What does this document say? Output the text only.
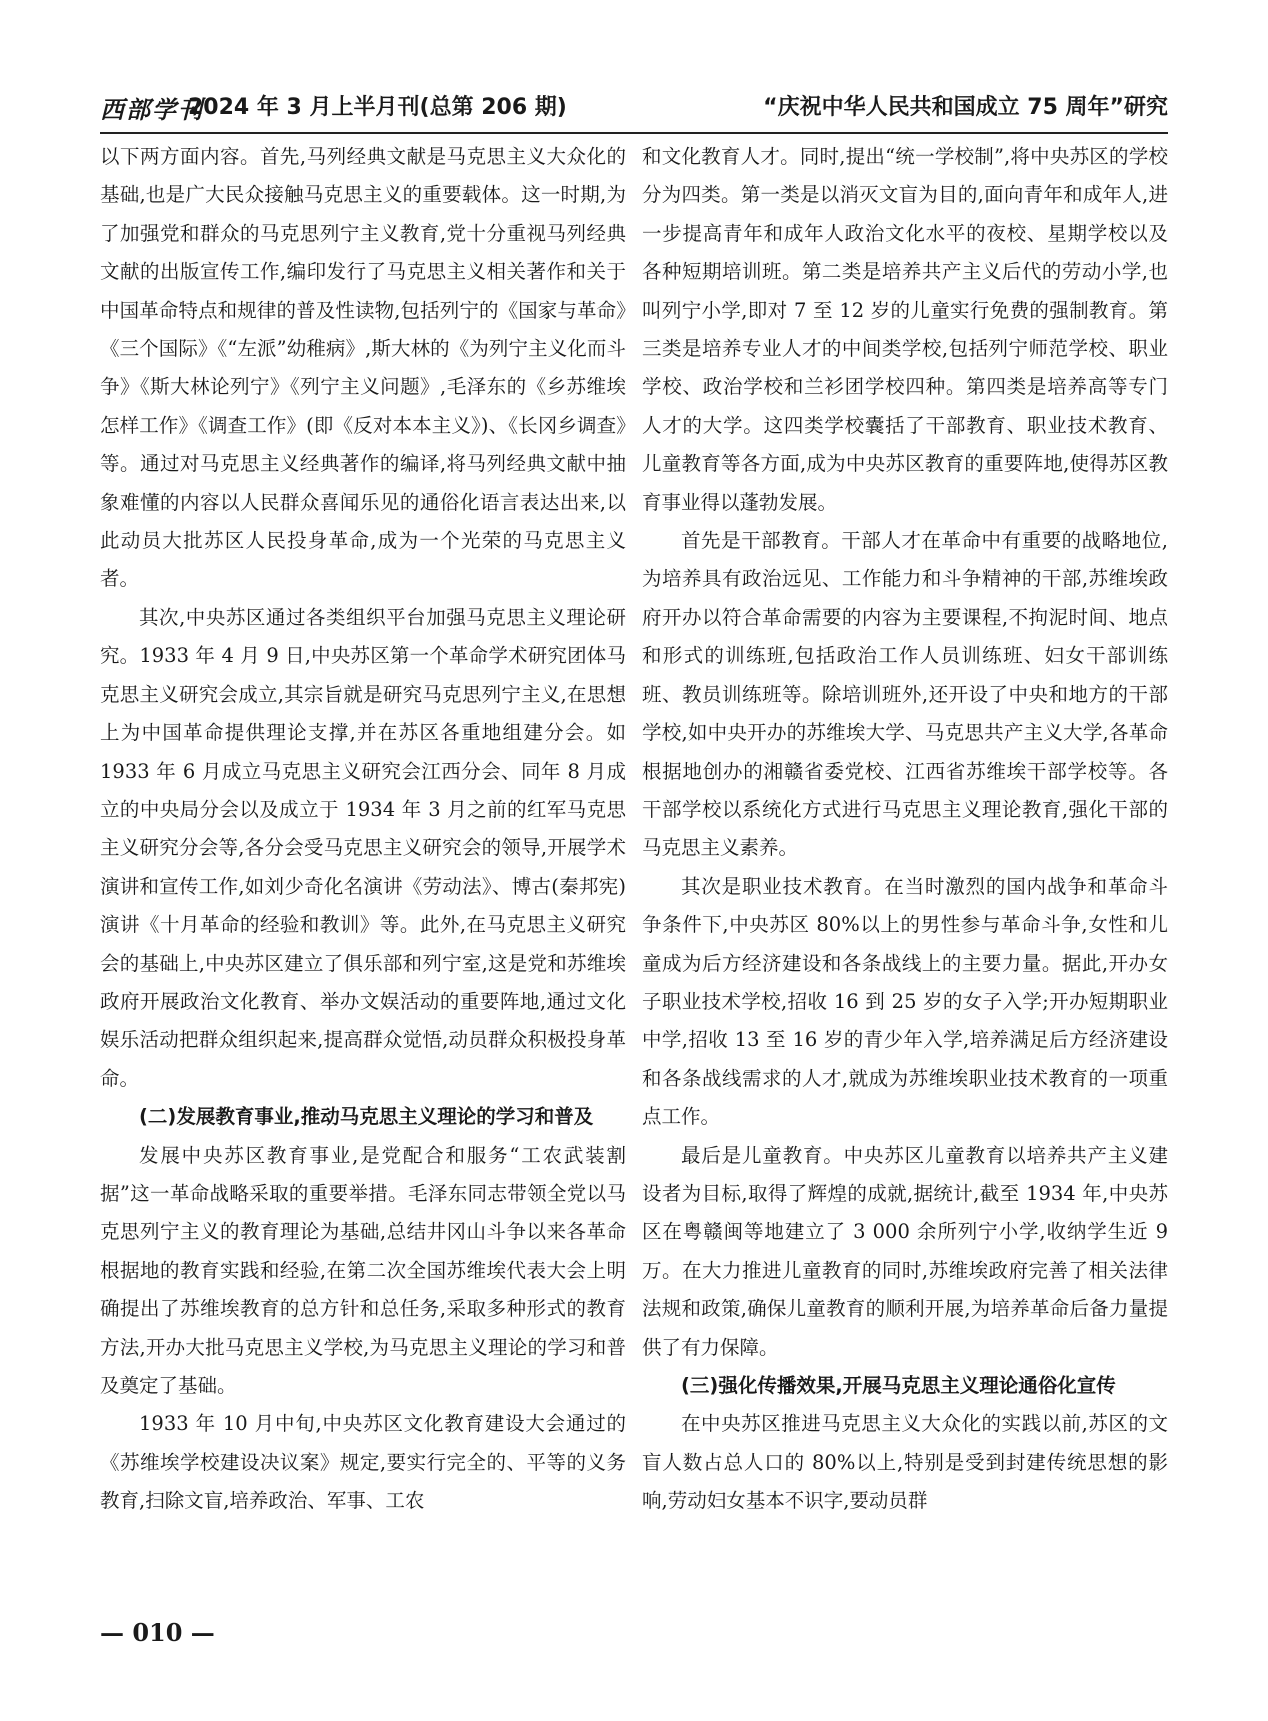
西部学刊
2024 年 3 月上半月刊(总第 206 期)	“庆祝中华人民共和国成立 75 周年”研究

以下两方面内容。首先,马列经典文献是马克思主义大众化的基础,也是广大民众接触马克思主义的重要载体。这一时期,为了加强党和群众的马克思列宁主义教育,党十分重视马列经典文献的出版宣传工作,编印发行了马克思主义相关著作和关于中国革命特点和规律的普及性读物,包括列宁的《国家与革命》《三个国际》《“左派”幼稚病》,斯大林的《为列宁主义化而斗争》《斯大林论列宁》《列宁主义问题》,毛泽东的《乡苏维埃怎样工作》《调查工作》(即《反对本本主义》)、《长冈乡调查》等。通过对马克思主义经典著作的编译,将马列经典文献中抽象难懂的内容以人民群众喜闻乐见的通俗化语言表达出来,以此动员大批苏区人民投身革命,成为一个光荣的马克思主义者。

其次,中央苏区通过各类组织平台加强马克思主义理论研究。1933 年 4 月 9 日,中央苏区第一个革命学术研究团体马克思主义研究会成立,其宗旨就是研究马克思列宁主义,在思想上为中国革命提供理论支撑,并在苏区各重地组建分会。如 1933 年 6 月成立马克思主义研究会江西分会、同年 8 月成立的中央局分会以及成立于 1934 年 3 月之前的红军马克思主义研究分会等,各分会受马克思主义研究会的领导,开展学术演讲和宣传工作,如刘少奇化名演讲《劳动法》、博古(秦邦宪)演讲《十月革命的经验和教训》等。此外,在马克思主义研究会的基础上,中央苏区建立了俱乐部和列宁室,这是党和苏维埃政府开展政治文化教育、举办文娱活动的重要阵地,通过文化娱乐活动把群众组织起来,提高群众觉悟,动员群众积极投身革命。

(二)发展教育事业,推动马克思主义理论的学习和普及

发展中央苏区教育事业,是党配合和服务“工农武装割据”这一革命战略采取的重要举措。毛泽东同志带领全党以马克思列宁主义的教育理论为基础,总结井冈山斗争以来各革命根据地的教育实践和经验,在第二次全国苏维埃代表大会上明确提出了苏维埃教育的总方针和总任务,采取多种形式的教育方法,开办大批马克思主义学校,为马克思主义理论的学习和普及奠定了基础。

1933 年 10 月中旬,中央苏区文化教育建设大会通过的《苏维埃学校建设决议案》规定,要实行完全的、平等的义务教育,扫除文盲,培养政治、军事、工农

和文化教育人才。同时,提出“统一学校制”,将中央苏区的学校分为四类。第一类是以消灭文盲为目的,面向青年和成年人,进一步提高青年和成年人政治文化水平的夜校、星期学校以及各种短期培训班。第二类是培养共产主义后代的劳动小学,也叫列宁小学,即对 7 至 12 岁的儿童实行免费的强制教育。第三类是培养专业人才的中间类学校,包括列宁师范学校、职业学校、政治学校和兰衫团学校四种。第四类是培养高等专门人才的大学。这四类学校囊括了干部教育、职业技术教育、儿童教育等各方面,成为中央苏区教育的重要阵地,使得苏区教育事业得以蓬勃发展。

首先是干部教育。干部人才在革命中有重要的战略地位,为培养具有政治远见、工作能力和斗争精神的干部,苏维埃政府开办以符合革命需要的内容为主要课程,不拘泥时间、地点和形式的训练班,包括政治工作人员训练班、妇女干部训练班、教员训练班等。除培训班外,还开设了中央和地方的干部学校,如中央开办的苏维埃大学、马克思共产主义大学,各革命根据地创办的湘赣省委党校、江西省苏维埃干部学校等。各干部学校以系统化方式进行马克思主义理论教育,强化干部的马克思主义素养。

其次是职业技术教育。在当时激烈的国内战争和革命斗争条件下,中央苏区 80%以上的男性参与革命斗争,女性和儿童成为后方经济建设和各条战线上的主要力量。据此,开办女子职业技术学校,招收 16 到 25 岁的女子入学;开办短期职业中学,招收 13 至 16 岁的青少年入学,培养满足后方经济建设和各条战线需求的人才,就成为苏维埃职业技术教育的一项重点工作。

最后是儿童教育。中央苏区儿童教育以培养共产主义建设者为目标,取得了辉煌的成就,据统计,截至 1934 年,中央苏区在粤赣闽等地建立了 3 000 余所列宁小学,收纳学生近 9 万。在大力推进儿童教育的同时,苏维埃政府完善了相关法律法规和政策,确保儿童教育的顺利开展,为培养革命后备力量提供了有力保障。

(三)强化传播效果,开展马克思主义理论通俗化宣传

在中央苏区推进马克思主义大众化的实践以前,苏区的文盲人数占总人口的 80%以上,特别是受到封建传统思想的影响,劳动妇女基本不识字,要动员群

— 010 —
